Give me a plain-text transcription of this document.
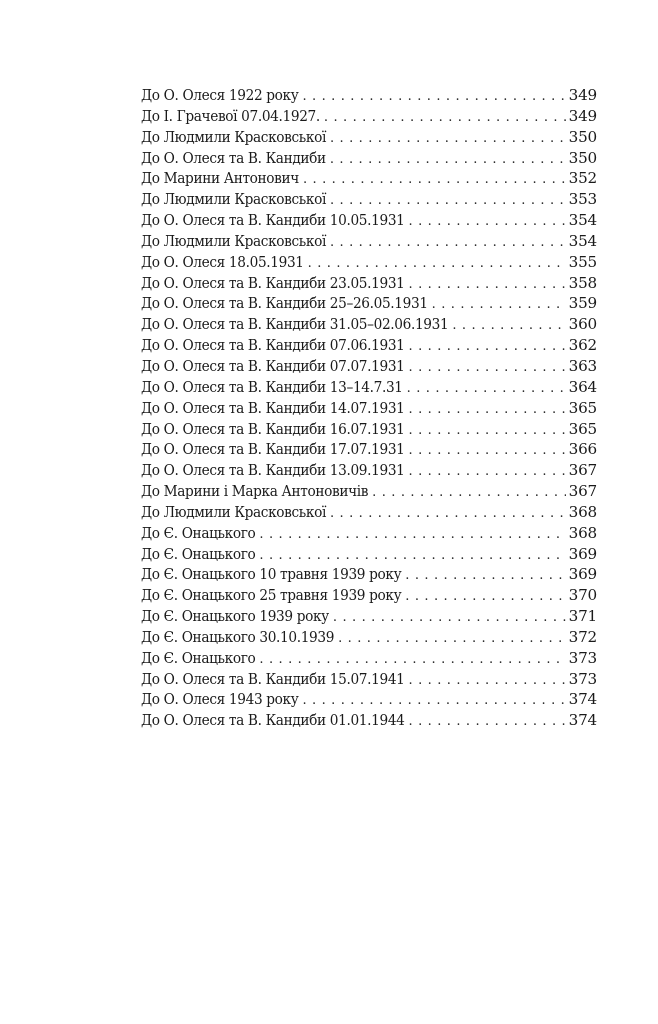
До О. Олеся 1922 року . . .	349
До І. Грачевої 07.04.1927. . . .	349
До Людмили Красковської . . .	350
До О. Олеся та В. Кандиби . . .	350
До Марини Антонович . . .	352
До Людмили Красковської . . .	353
До О. Олеся та В. Кандиби 10.05.1931 . . .	354
До Людмили Красковської . . .	354
До О. Олеся 18.05.1931 . . .	355
До О. Олеся та В. Кандиби 23.05.1931 . . .	358
До О. Олеся та В. Кандиби 25–26.05.1931 . . .	359
До О. Олеся та В. Кандиби 31.05–02.06.1931 . . .	360
До О. Олеся та В. Кандиби 07.06.1931 . . .	362
До О. Олеся та В. Кандиби 07.07.1931 . . .	363
До О. Олеся та В. Кандиби 13–14.7.31 . . .	364
До О. Олеся та В. Кандиби 14.07.1931 . . .	365
До О. Олеся та В. Кандиби 16.07.1931 . . .	365
До О. Олеся та В. Кандиби 17.07.1931 . . .	366
До О. Олеся та В. Кандиби 13.09.1931 . . .	367
До Марини і Марка Антоновичів . . .	367
До Людмили Красковської . . .	368
До Є. Онацького . . .	368
До Є. Онацького . . .	369
До Є. Онацького 10 травня 1939 року . . .	369
До Є. Онацького 25 травня 1939 року . . .	370
До Є. Онацького 1939 року . . .	371
До Є. Онацького 30.10.1939 . . .	372
До Є. Онацького . . .	373
До О. Олеся та В. Кандиби 15.07.1941 . . .	373
До О. Олеся 1943 року . . .	374
До О. Олеся та В. Кандиби 01.01.1944 . . .	374
